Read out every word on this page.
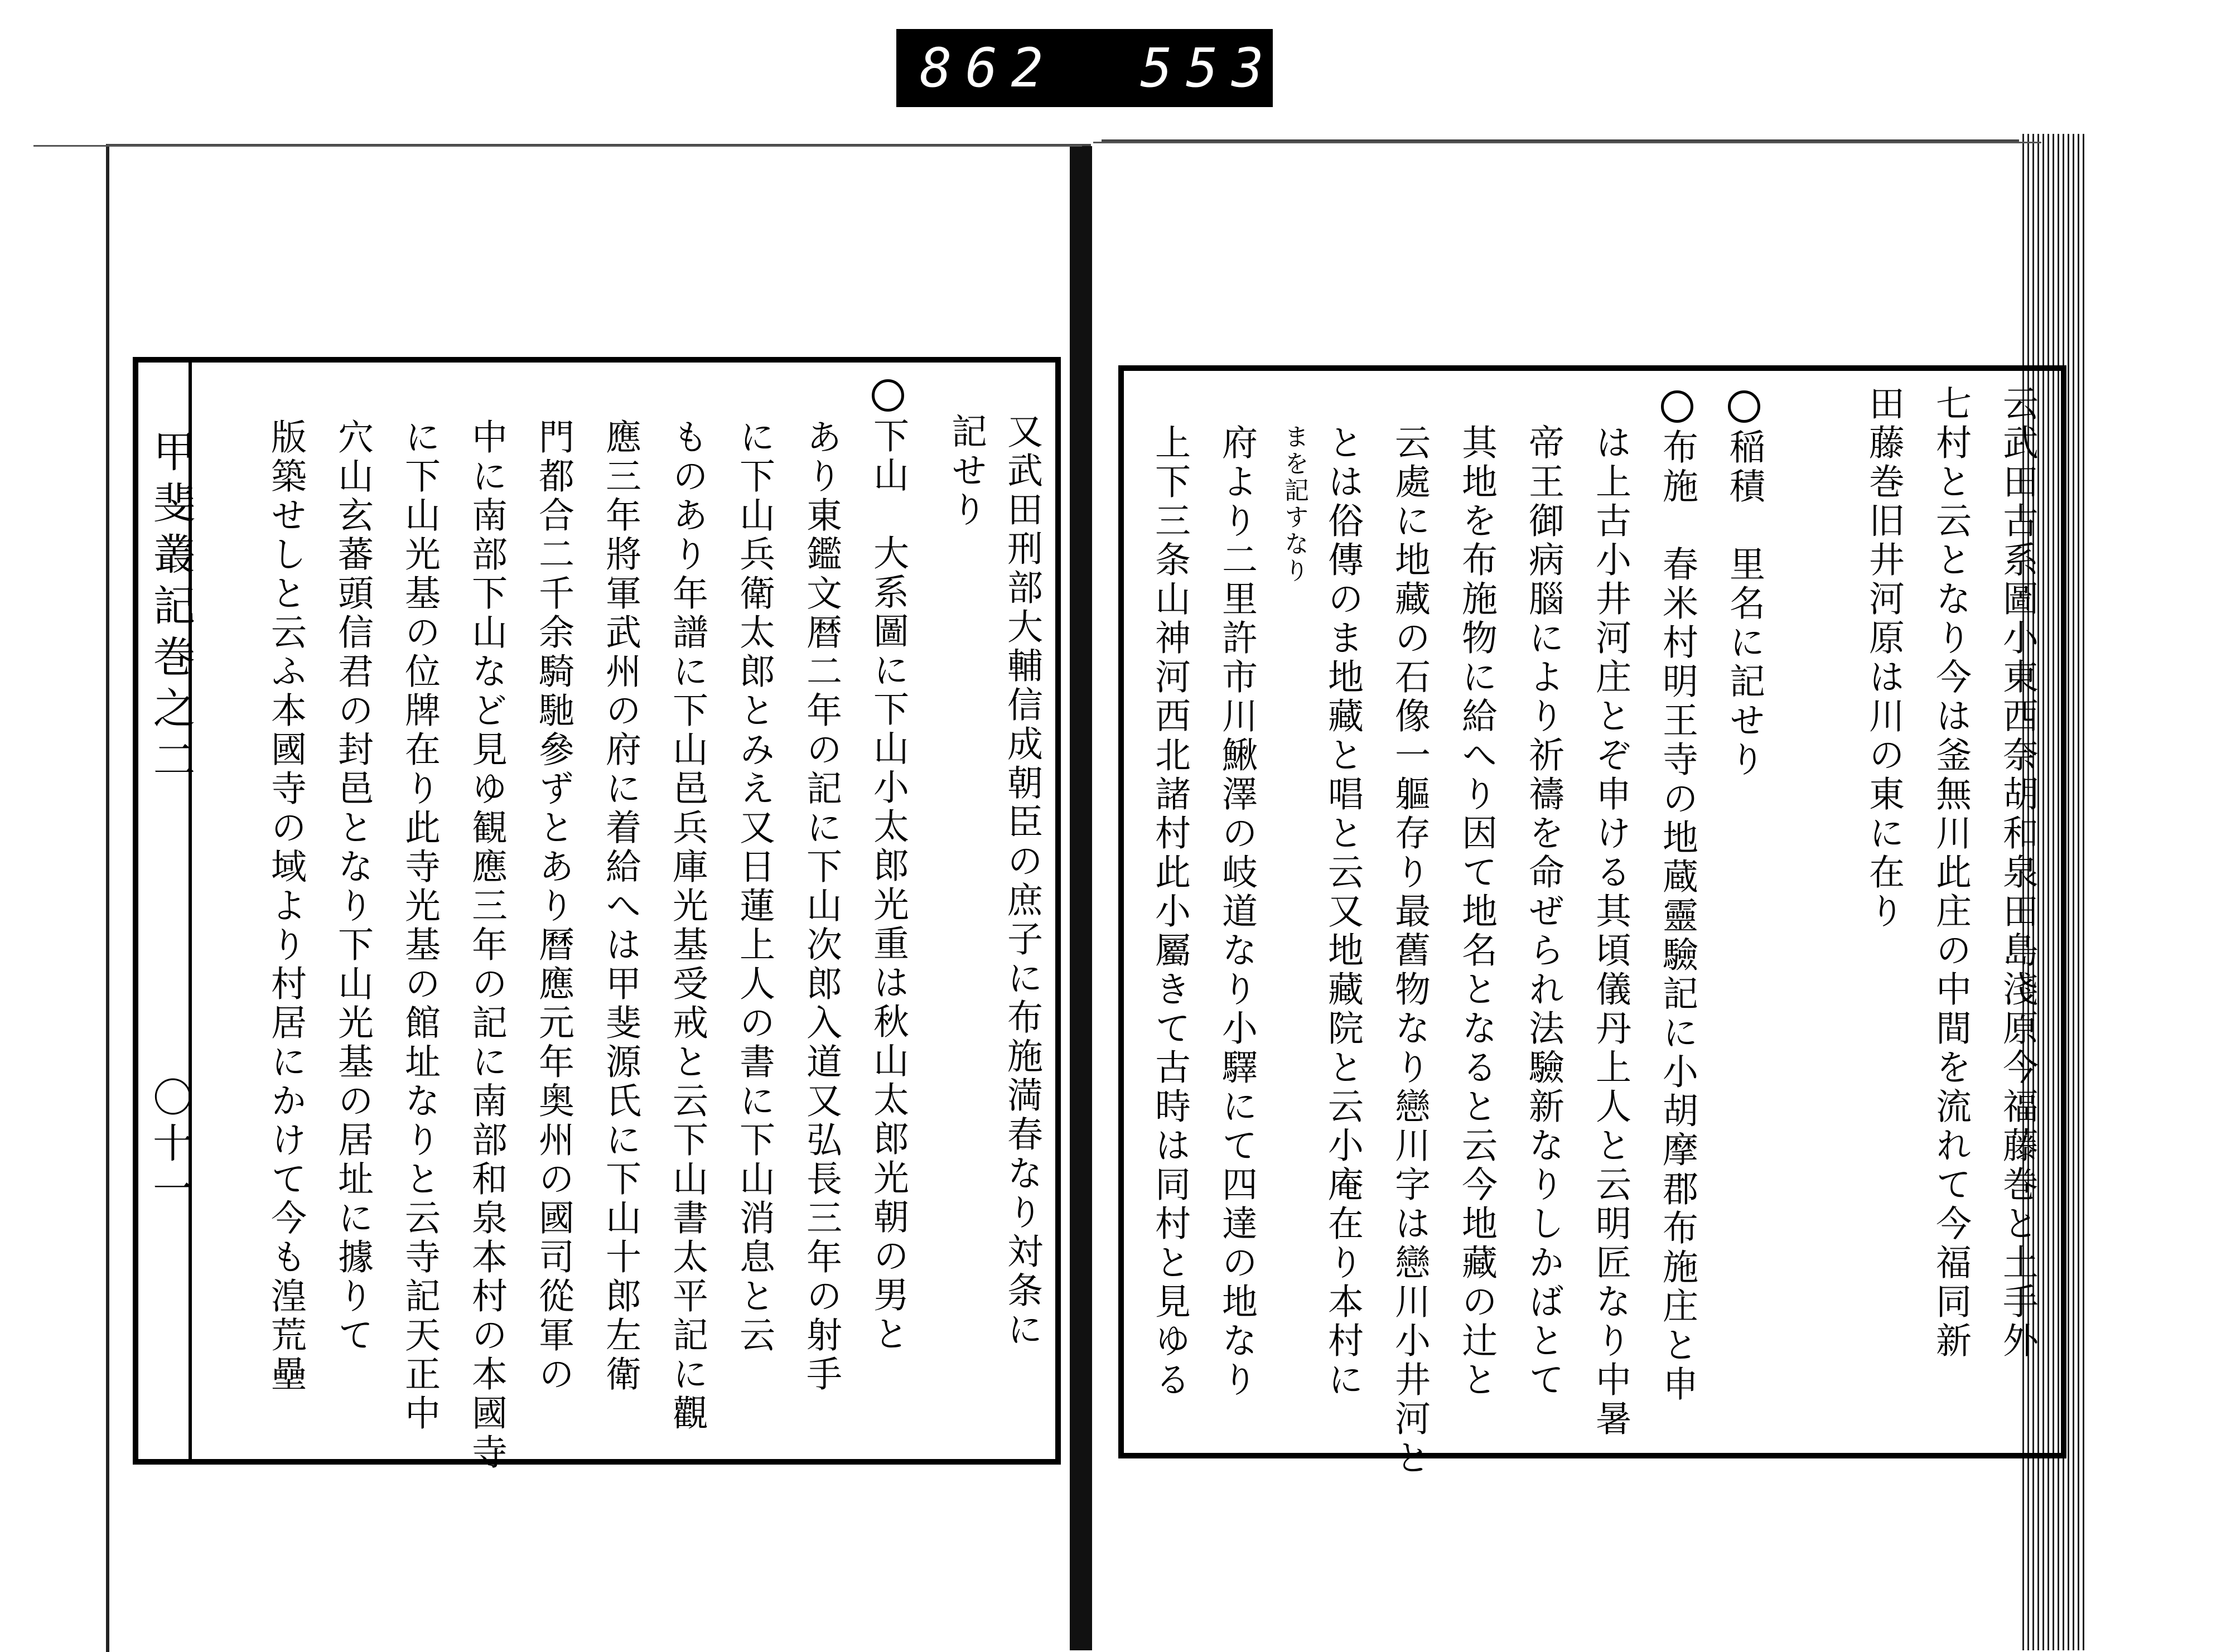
862 553
甲斐叢記巻之二
〇十一	云武田古系圖小東西奈胡和泉田島淺原今福藤巻と土手外
七村と云となり今は釜無川此庄の中間を流れて今福同新
田藤巻旧井河原は川の東に在り
稲積　里名に記せり
布施　春米村明王寺の地蔵靈驗記に小胡摩郡布施庄と申
は上古小井河庄とぞ申ける其頃儀丹上人と云明匠なり中暑
帝王御病腦により祈禱を命ぜられ法驗新なりしかばとて
其地を布施物に給へり因て地名となると云今地藏の辻と
云處に地藏の石像一軀存り最舊物なり戀川字は戀川小井河と
とは俗傳のま地藏と唱と云又地藏院と云小庵在り本村に
まを記すなり
府より二里許市川鰍澤の岐道なり小驛にて四達の地なり
上下三条山神河西北諸村此小屬きて古時は同村と見ゆる
記せり 又武田刑部大輔信成朝臣の庶子に布施満春なり対条に
下山　大系圖に下山小太郎光重は秋山太郎光朝の男と
あり東鑑文暦二年の記に下山次郎入道又弘長三年の射手
に下山兵衛太郎とみえ又日蓮上人の書に下山消息と云
ものあり年譜に下山邑兵庫光基受戒と云下山書太平記に觀
應三年將軍武州の府に着給へは甲斐源氏に下山十郎左衛
門都合二千余騎馳參ずとあり曆應元年奥州の國司從軍の
中に南部下山など見ゆ観應三年の記に南部和泉本村の本國寺
に下山光基の位牌在り此寺光基の館址なりと云寺記天正中
穴山玄蕃頭信君の封邑となり下山光基の居址に據りて
版築せしと云ふ本國寺の域より村居にかけて今も湟荒壘
